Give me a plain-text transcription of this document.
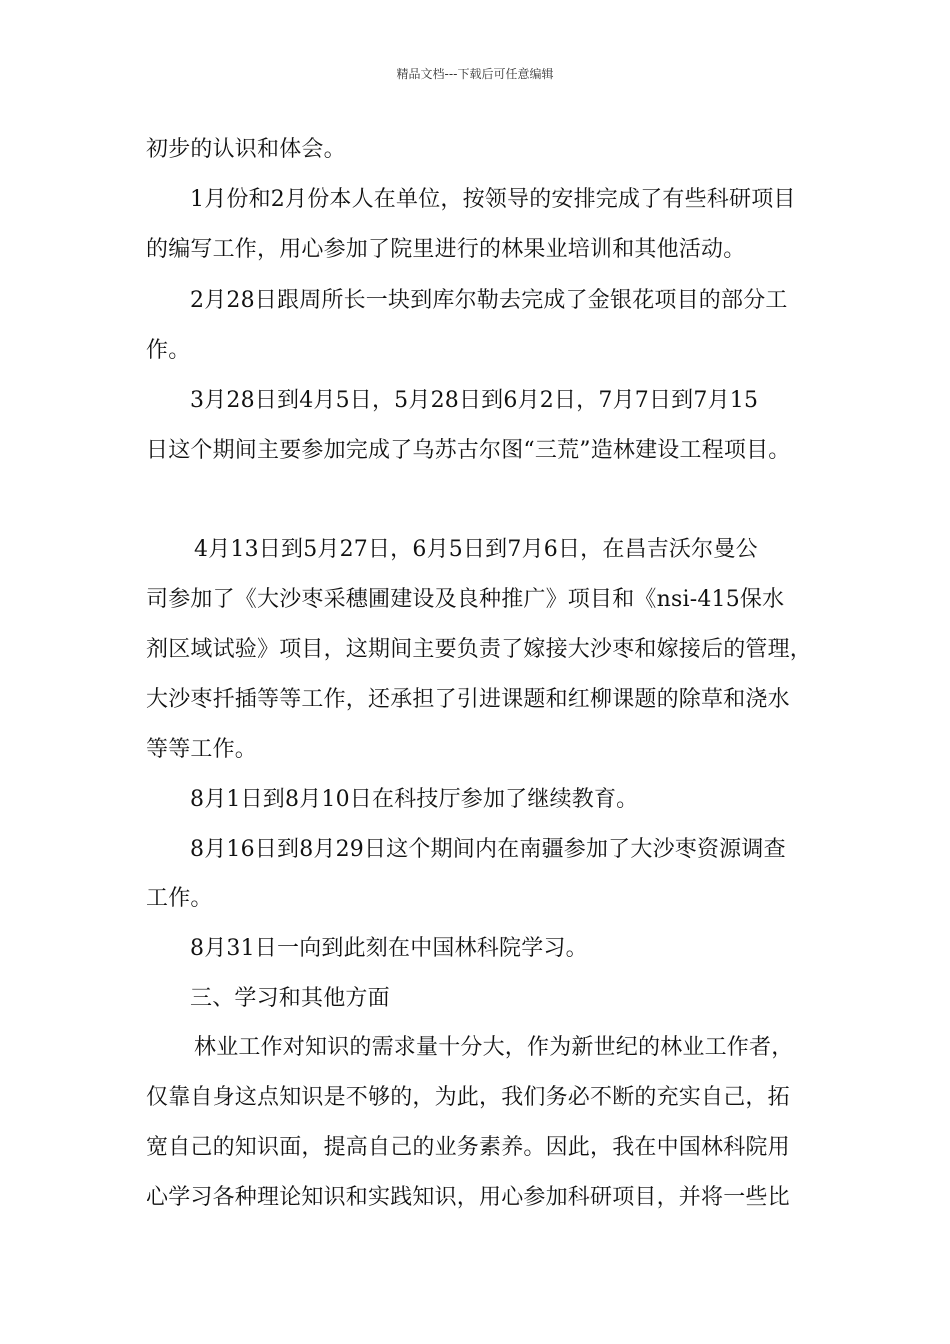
精品文档---下载后可任意编辑
初步的认识和体会。
1月份和2月份本人在单位，按领导的安排完成了有些科研项目
的编写工作，用心参加了院里进行的林果业培训和其他活动。
2月28日跟周所长一块到库尔勒去完成了金银花项目的部分工
作。
3月28日到4月5日，5月28日到6月2日，7月7日到7月15
日这个期间主要参加完成了乌苏古尔图“三荒”造林建设工程项目。
4月13日到5月27日，6月5日到7月6日，在昌吉沃尔曼公
司参加了《大沙枣采穗圃建设及良种推广》项目和《nsi-415保水
剂区域试验》项目，这期间主要负责了嫁接大沙枣和嫁接后的管理，
大沙枣扦插等等工作，还承担了引进课题和红柳课题的除草和浇水
等等工作。
8月1日到8月10日在科技厅参加了继续教育。
8月16日到8月29日这个期间内在南疆参加了大沙枣资源调查
工作。
8月31日一向到此刻在中国林科院学习。
三、学习和其他方面
林业工作对知识的需求量十分大，作为新世纪的林业工作者，
仅靠自身这点知识是不够的，为此，我们务必不断的充实自己，拓
宽自己的知识面，提高自己的业务素养。因此，我在中国林科院用
心学习各种理论知识和实践知识，用心参加科研项目，并将一些比
